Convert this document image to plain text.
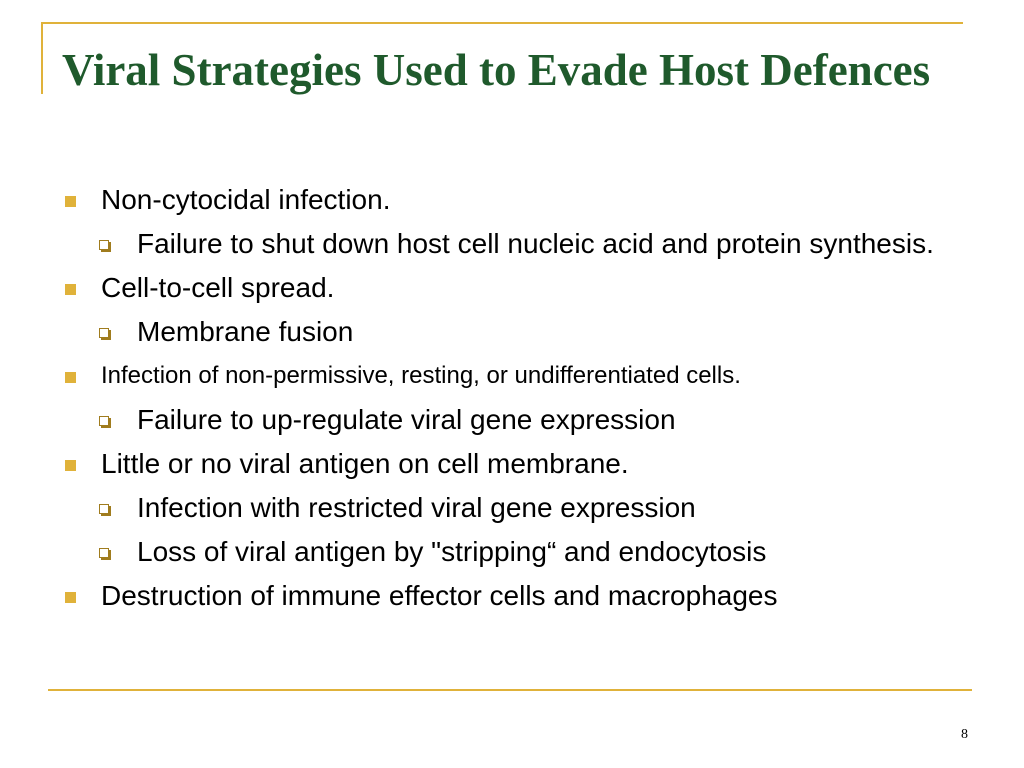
Viral Strategies Used to Evade Host Defences
Non-cytocidal infection.
Failure to shut down host cell nucleic acid and protein synthesis.
Cell-to-cell spread.
Membrane fusion
Infection of non-permissive, resting, or undifferentiated cells.
Failure to up-regulate viral gene expression
Little or no viral antigen on cell membrane.
Infection with restricted viral gene expression
Loss of viral antigen by "stripping“ and endocytosis
Destruction of immune effector cells and macrophages
8
